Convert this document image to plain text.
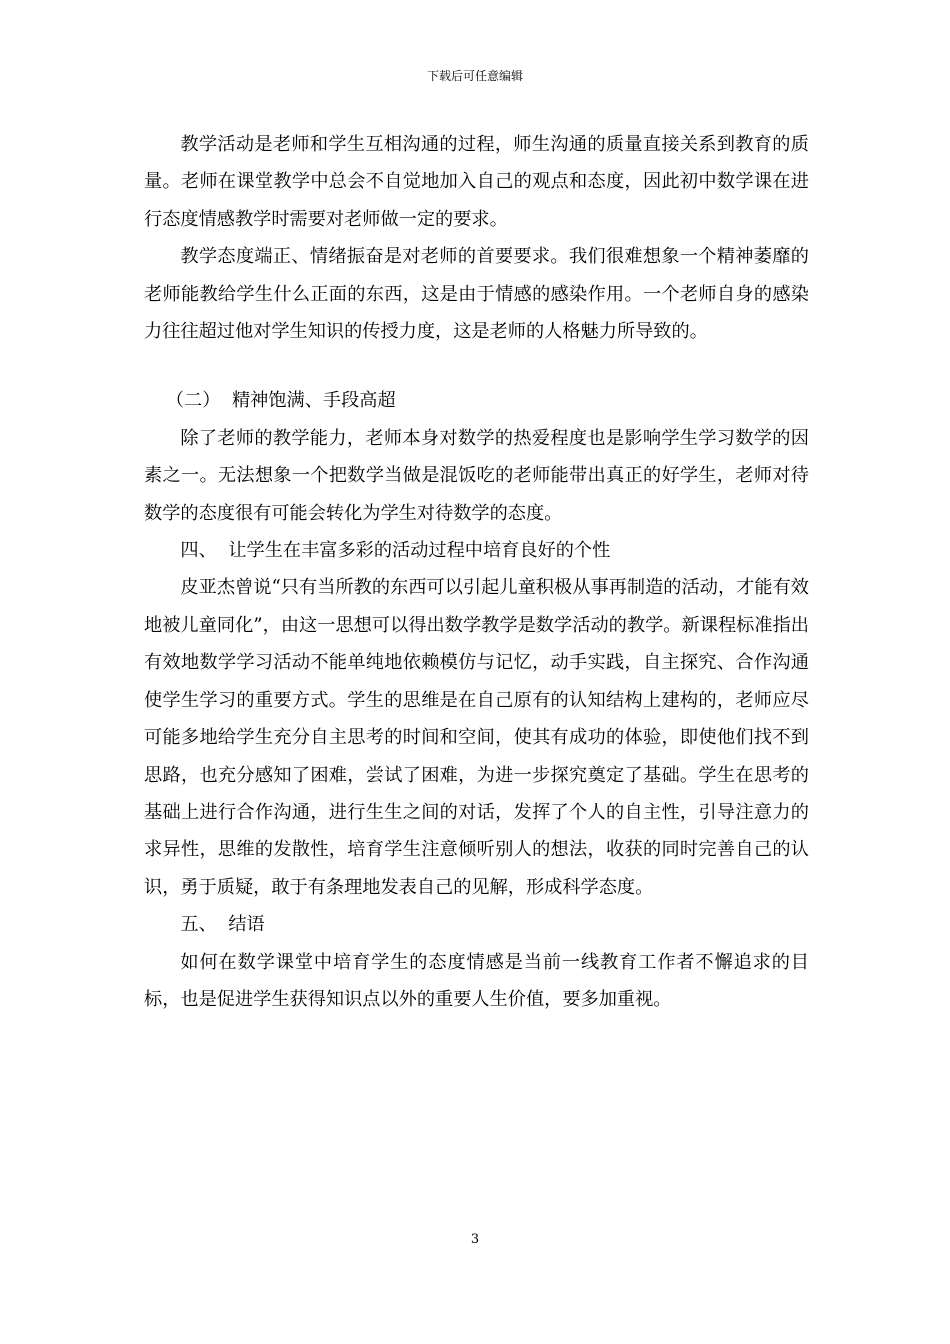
下载后可任意编辑

教学活动是老师和学生互相沟通的过程，师生沟通的质量直接关系到教育的质量。老师在课堂教学中总会不自觉地加入自己的观点和态度，因此初中数学课在进行态度情感教学时需要对老师做一定的要求。

教学态度端正、情绪振奋是对老师的首要要求。我们很难想象一个精神萎靡的老师能教给学生什么正面的东西，这是由于情感的感染作用。一个老师自身的感染力往往超过他对学生知识的传授力度，这是老师的人格魅力所导致的。

（二） 精神饱满、手段高超

除了老师的教学能力，老师本身对数学的热爱程度也是影响学生学习数学的因素之一。无法想象一个把数学当做是混饭吃的老师能带出真正的好学生，老师对待数学的态度很有可能会转化为学生对待数学的态度。

四、 让学生在丰富多彩的活动过程中培育良好的个性

皮亚杰曾说“只有当所教的东西可以引起儿童积极从事再制造的活动，才能有效地被儿童同化”，由这一思想可以得出数学教学是数学活动的教学。新课程标准指出有效地数学学习活动不能单纯地依赖模仿与记忆，动手实践，自主探究、合作沟通使学生学习的重要方式。学生的思维是在自己原有的认知结构上建构的，老师应尽可能多地给学生充分自主思考的时间和空间，使其有成功的体验，即使他们找不到思路，也充分感知了困难，尝试了困难，为进一步探究奠定了基础。学生在思考的基础上进行合作沟通，进行生生之间的对话，发挥了个人的自主性，引导注意力的求异性，思维的发散性，培育学生注意倾听别人的想法，收获的同时完善自己的认识，勇于质疑，敢于有条理地发表自己的见解，形成科学态度。

五、 结语

如何在数学课堂中培育学生的态度情感是当前一线教育工作者不懈追求的目标，也是促进学生获得知识点以外的重要人生价值，要多加重视。

3
